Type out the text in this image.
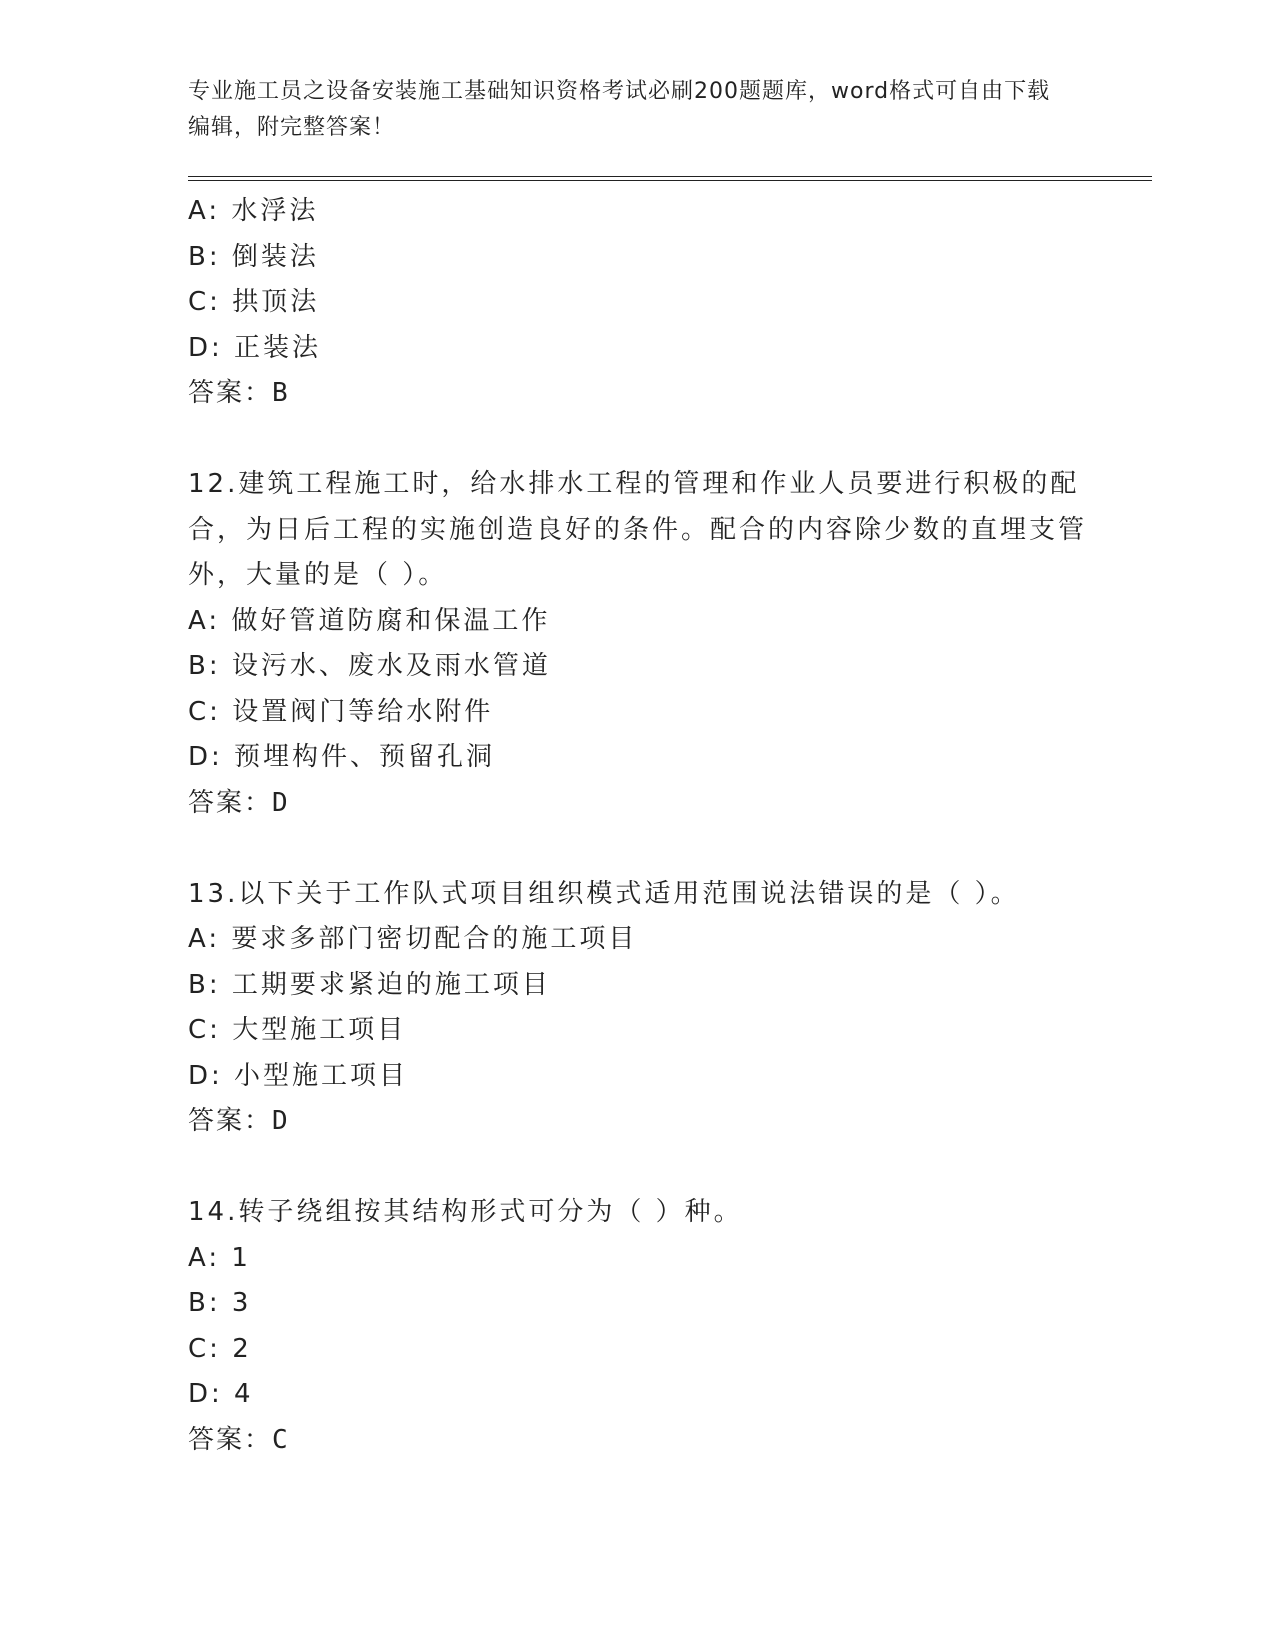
专业施工员之设备安装施工基础知识资格考试必刷200题题库，word格式可自由下载编辑，附完整答案！

A: 水浮法

B: 倒装法

C: 拱顶法

D: 正装法

答案：B

12.建筑工程施工时，给水排水工程的管理和作业人员要进行积极的配合，为日后工程的实施创造良好的条件。配合的内容除少数的直埋支管外，大量的是（ ）。

A: 做好管道防腐和保温工作

B: 设污水、废水及雨水管道

C: 设置阀门等给水附件

D: 预埋构件、预留孔洞

答案：D

13.以下关于工作队式项目组织模式适用范围说法错误的是（ ）。

A: 要求多部门密切配合的施工项目

B: 工期要求紧迫的施工项目

C: 大型施工项目

D: 小型施工项目

答案：D

14.转子绕组按其结构形式可分为（ ）种。

A: 1

B: 3

C: 2

D: 4

答案：C
